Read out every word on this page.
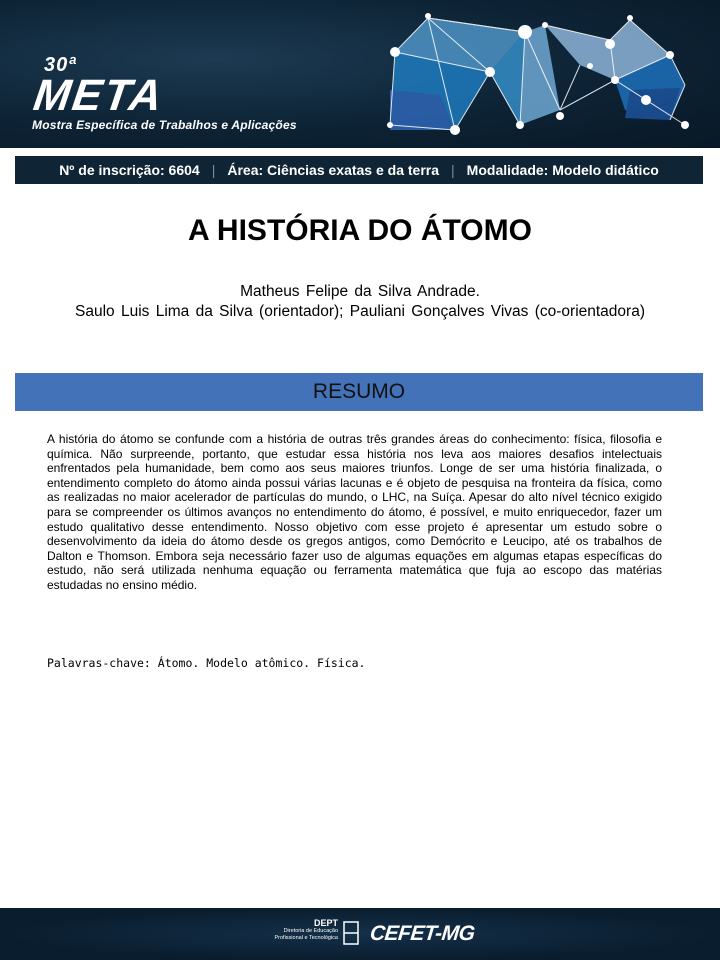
30ª
META
Mostra Específica de Trabalhos e Aplicações
Nº de inscrição: 6604 | Área: Ciências exatas e da terra | Modalidade: Modelo didático
A HISTÓRIA DO ÁTOMO
Matheus Felipe da Silva Andrade.
Saulo Luis Lima da Silva (orientador); Pauliani Gonçalves Vivas (co-orientadora)
RESUMO
A história do átomo se confunde com a história de outras três grandes áreas do conhecimento: física, filosofia e química. Não surpreende, portanto, que estudar essa história nos leva aos maiores desafios intelectuais enfrentados pela humanidade, bem como aos seus maiores triunfos. Longe de ser uma história finalizada, o entendimento completo do átomo ainda possui várias lacunas e é objeto de pesquisa na fronteira da física, como as realizadas no maior acelerador de partículas do mundo, o LHC, na Suíça. Apesar do alto nível técnico exigido para se compreender os últimos avanços no entendimento do átomo, é possível, e muito enriquecedor, fazer um estudo qualitativo desse entendimento. Nosso objetivo com esse projeto é apresentar um estudo sobre o desenvolvimento da ideia do átomo desde os gregos antigos, como Demócrito e Leucipo, até os trabalhos de Dalton e Thomson. Embora seja necessário fazer uso de algumas equações em algumas etapas específicas do estudo, não será utilizada nenhuma equação ou ferramenta matemática que fuja ao escopo das matérias estudadas no ensino médio.
Palavras-chave: Átomo. Modelo atômico. Física.
DEPT
Diretoria de Educação
Profissional e Tecnológica CEFET-MG
